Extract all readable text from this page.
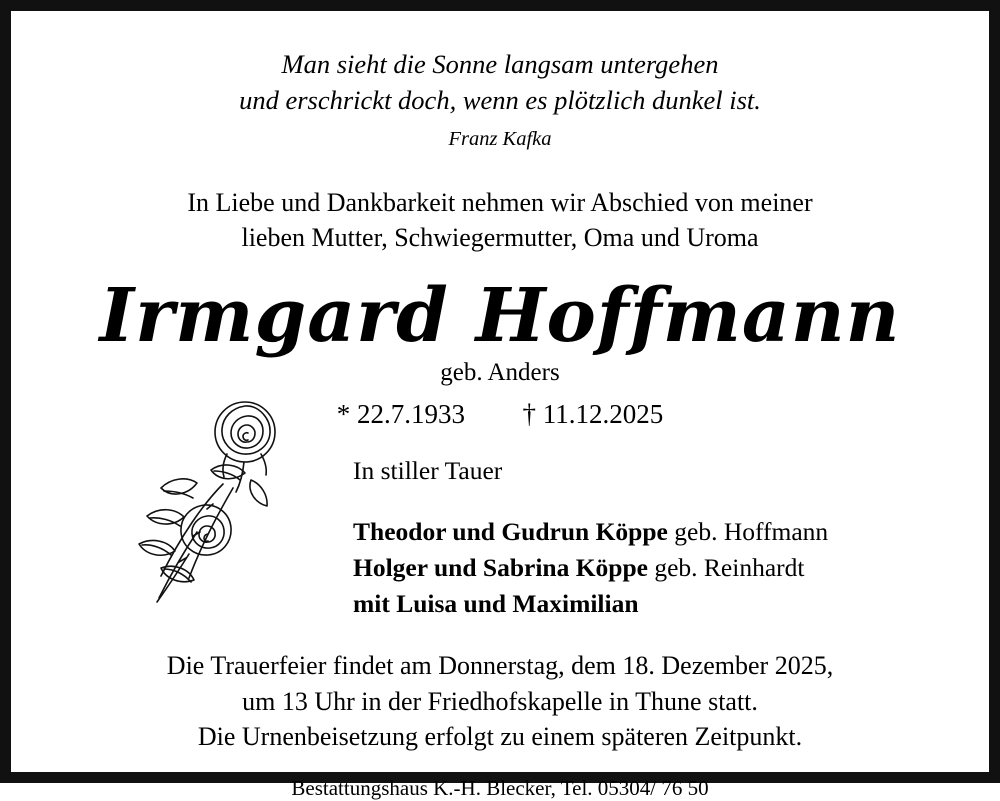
Man sieht die Sonne langsam untergehen
und erschrickt doch, wenn es plötzlich dunkel ist.
Franz Kafka
In Liebe und Dankbarkeit nehmen wir Abschied von meiner
lieben Mutter, Schwiegermutter, Oma und Uroma
Irmgard Hoffmann
geb. Anders
* 22.7.1933 † 11.12.2025
In stiller Tauer
Theodor und Gudrun Köppe geb. Hoffmann
Holger und Sabrina Köppe geb. Reinhardt
mit Luisa und Maximilian
Die Trauerfeier findet am Donnerstag, dem 18. Dezember 2025,
um 13 Uhr in der Friedhofskapelle in Thune statt.
Die Urnenbeisetzung erfolgt zu einem späteren Zeitpunkt.
Bestattungshaus K.-H. Blecker, Tel. 05304/ 76 50
